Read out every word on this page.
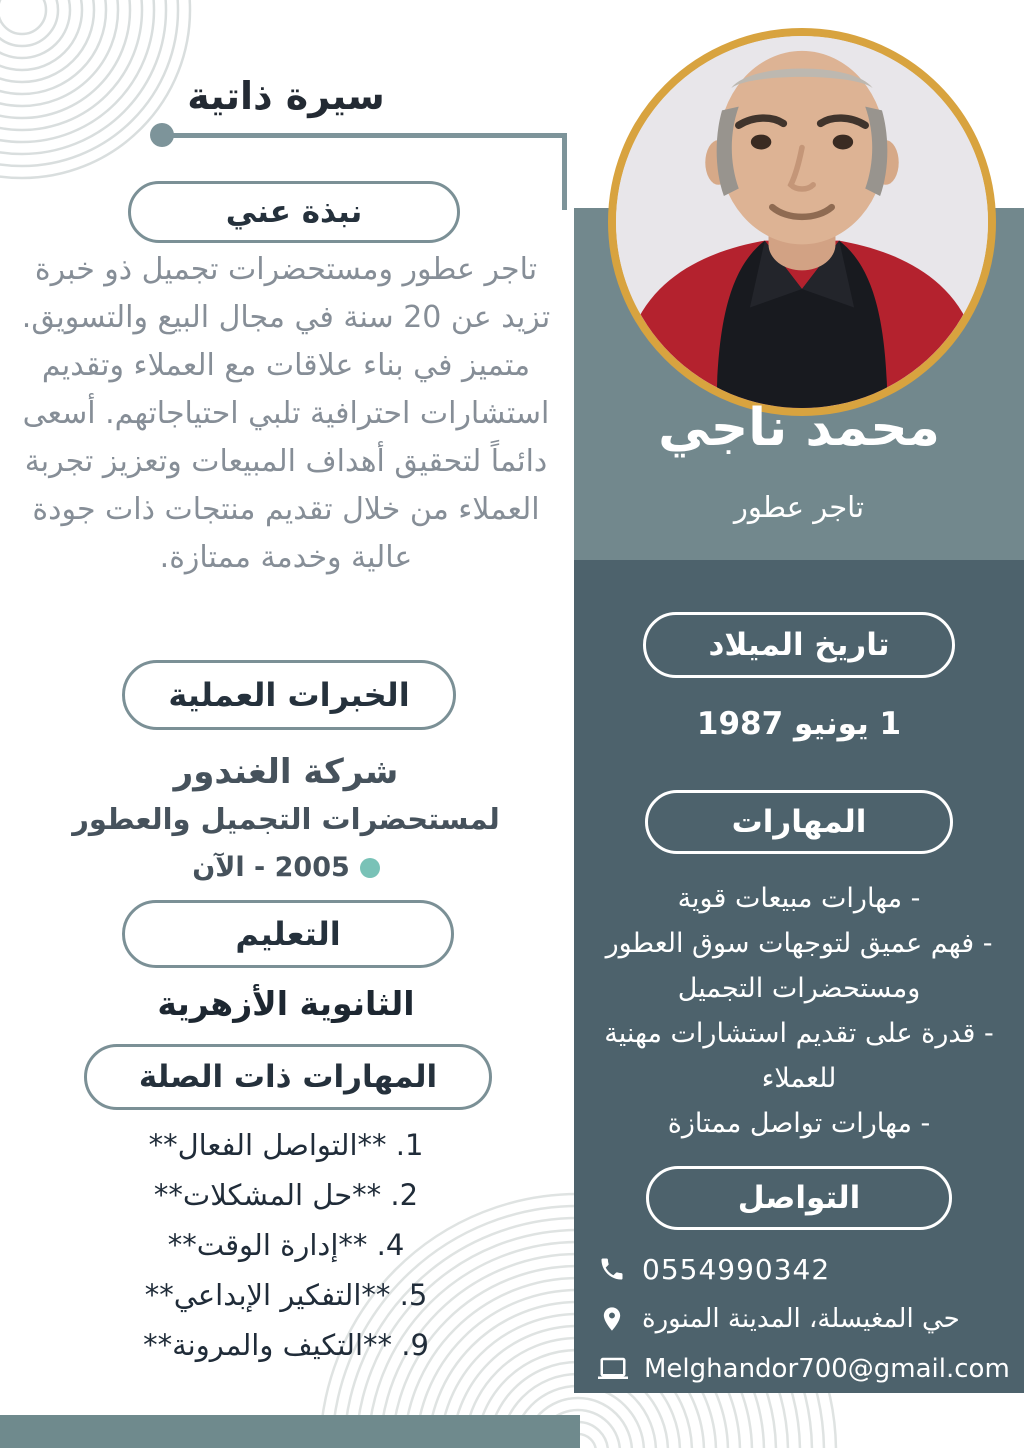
سيرة ذاتية
نبذة عني
تاجر عطور ومستحضرات تجميل ذو خبرة تزيد عن 20 سنة في مجال البيع والتسويق. متميز في بناء علاقات مع العملاء وتقديم استشارات احترافية تلبي احتياجاتهم. أسعى دائماً لتحقيق أهداف المبيعات وتعزيز تجربة العملاء من خلال تقديم منتجات ذات جودة عالية وخدمة ممتازة.
الخبرات العملية
شركة الغندور
لمستحضرات التجميل والعطور
2005 - الآن
التعليم
الثانوية الأزهرية
المهارات ذات الصلة
1. **التواصل الفعال**
2. **حل المشكلات**
4. **إدارة الوقت**
5. **التفكير الإبداعي**
9. **التكيف والمرونة**
محمد ناجي
تاجر عطور
تاريخ الميلاد
1 يونيو 1987
المهارات
- مهارات مبيعات قوية
- فهم عميق لتوجهات سوق العطور ومستحضرات التجميل
- قدرة على تقديم استشارات مهنية للعملاء
- مهارات تواصل ممتازة
التواصل
0554990342
حي المغيسلة، المدينة المنورة
Melghandor700@gmail.com
